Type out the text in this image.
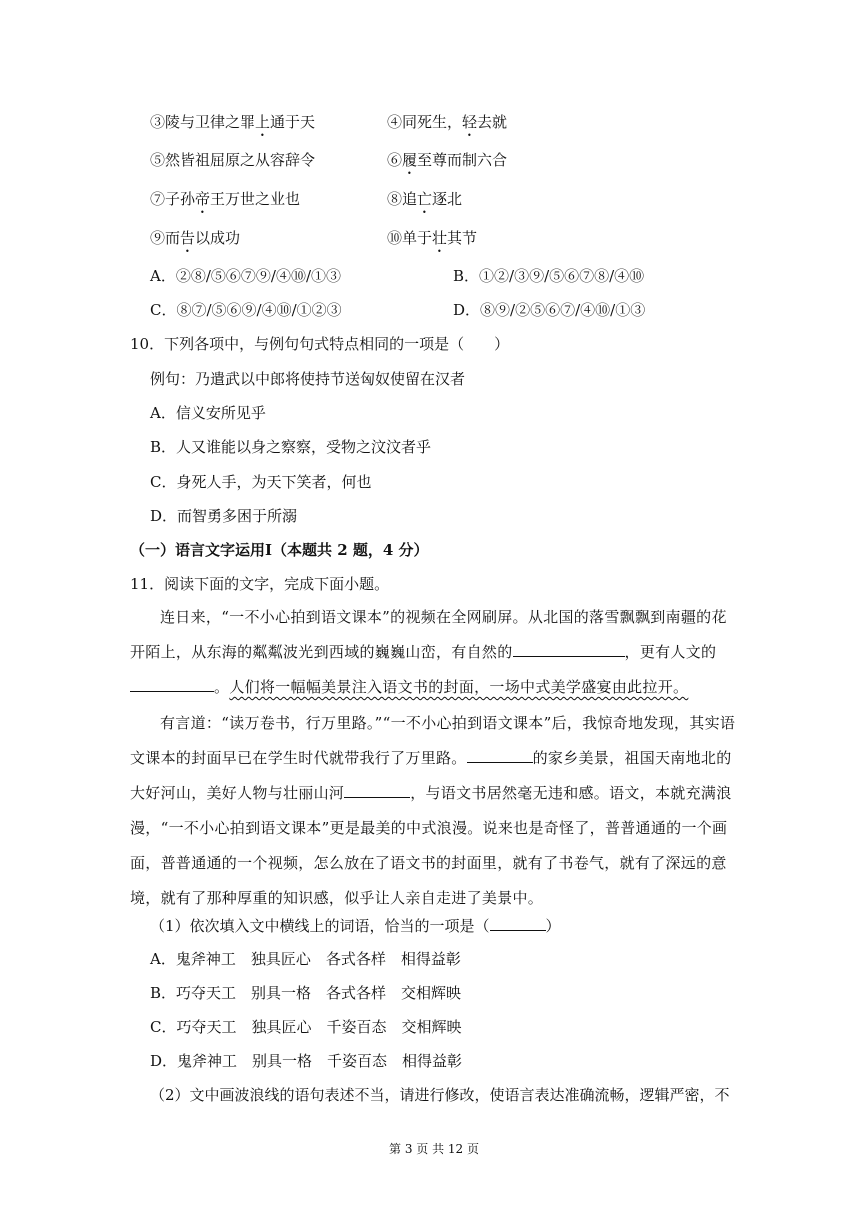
③陵与卫律之罪上通于天	④同死生，轻去就
⑤然皆祖屈原之从容辞令	⑥履至尊而制六合
⑦子孙帝王万世之业也	⑧追亡逐北
⑨而告以成功	⑩单于壮其节
A．②⑧/⑤⑥⑦⑨/④⑩/①③	B．①②/③⑨/⑤⑥⑦⑧/④⑩
C．⑧⑦/⑤⑥⑨/④⑩/①②③	D．⑧⑨/②⑤⑥⑦/④⑩/①③
10．下列各项中，与例句句式特点相同的一项是（　　）
例句：乃遣武以中郎将使持节送匈奴使留在汉者
A．信义安所见乎
B．人又谁能以身之察察，受物之汶汶者乎
C．身死人手，为天下笑者，何也
D．而智勇多困于所溺
（一）语言文字运用Ⅰ（本题共 2 题，4 分）
11．阅读下面的文字，完成下面小题。
连日来，“一不小心拍到语文课本”的视频在全网刷屏。从北国的落雪飘飘到南疆的花开陌上，从东海的粼粼波光到西域的巍巍山峦，有自然的	，更有人文的。人们将一幅幅美景注入语文书的封面，一场中式美学盛宴由此拉开。
有言道：“读万卷书，行万里路。”“一不小心拍到语文课本”后，我惊奇地发现，其实语文课本的封面早已在学生时代就带我行了万里路。	的家乡美景，祖国天南地北的大好河山，美好人物与壮丽山河	，与语文书居然毫无违和感。语文，本就充满浪漫，“一不小心拍到语文课本”更是最美的中式浪漫。说来也是奇怪了，普普通通的一个画面，普普通通的一个视频，怎么放在了语文书的封面里，就有了书卷气，就有了深远的意境，就有了那种厚重的知识感，似乎让人亲自走进了美景中。
（1）依次填入文中横线上的词语，恰当的一项是（	）
A．鬼斧神工　独具匠心　各式各样　相得益彰
B．巧夺天工　别具一格　各式各样　交相辉映
C．巧夺天工　独具匠心　千姿百态　交相辉映
D．鬼斧神工　别具一格　千姿百态　相得益彰
（2）文中画波浪线的语句表述不当，请进行修改，使语言表达准确流畅，逻辑严密，不
第 3 页 共 12 页
